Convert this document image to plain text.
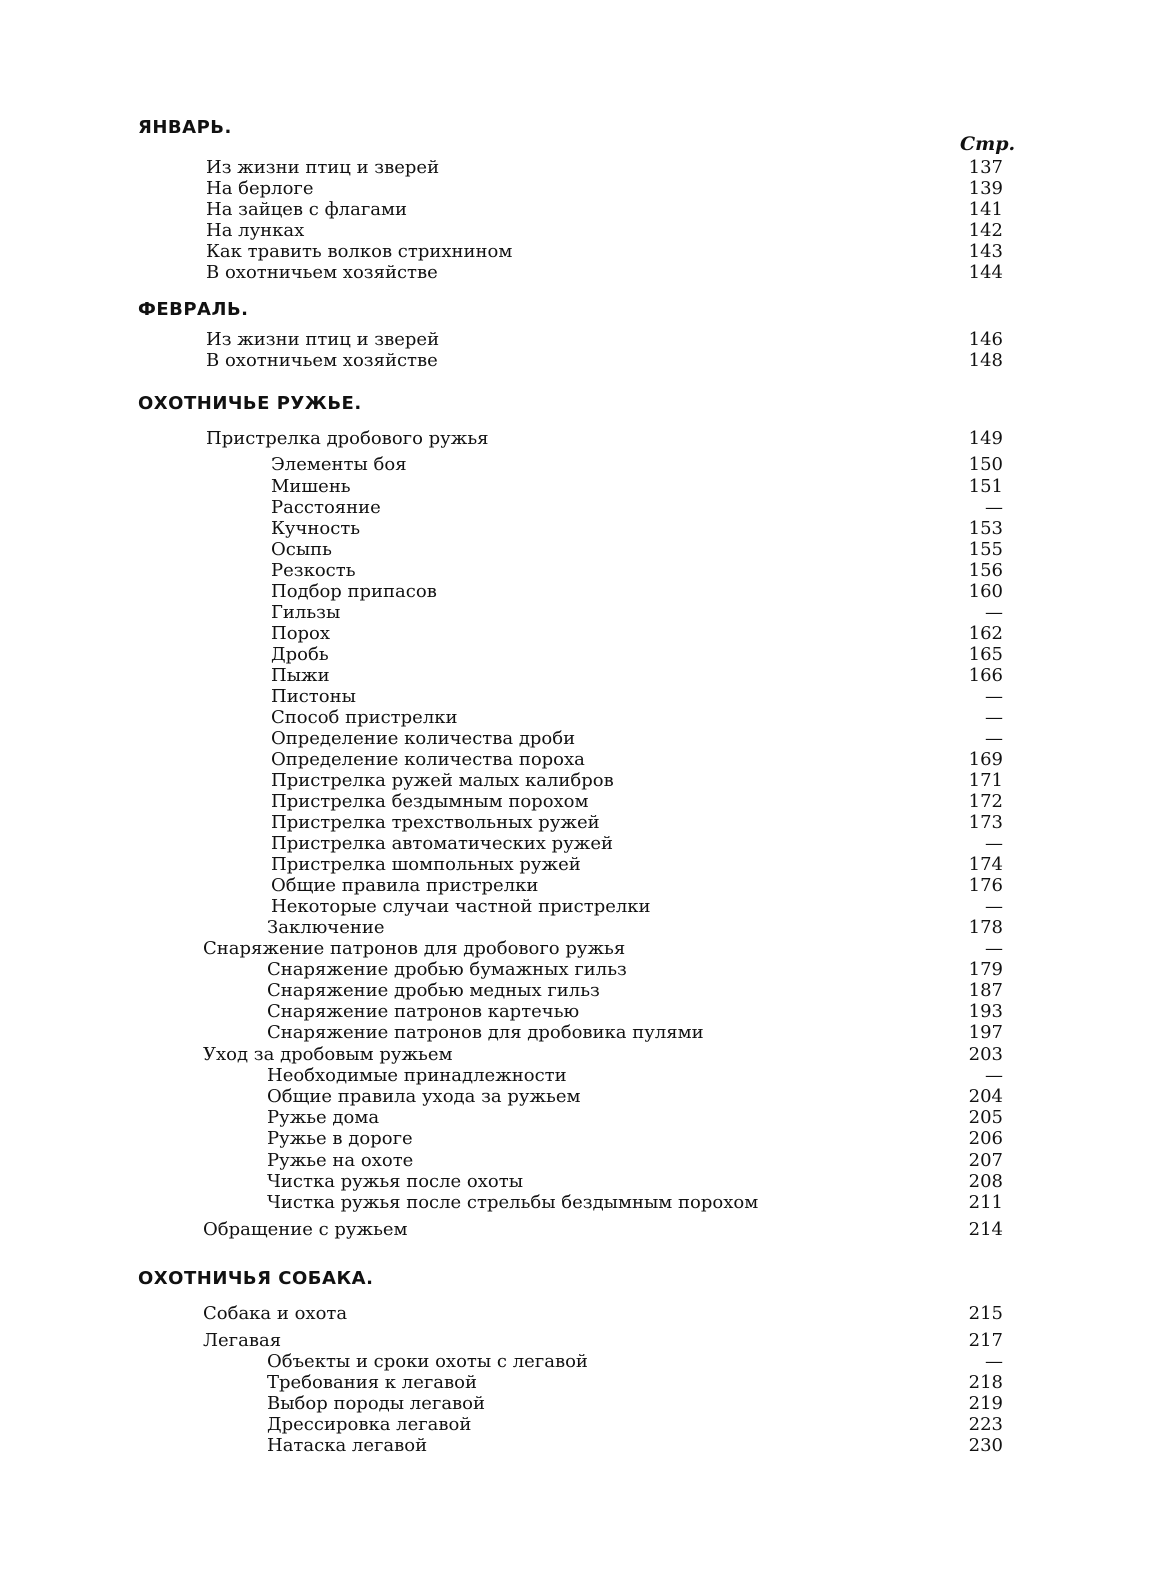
Стр.
ЯНВАРЬ.
Из жизни птиц и зверей	137
На берлоге	139
На зайцев с флагами	141
На лунках	142
Как травить волков стрихнином	143
В охотничьем хозяйстве	144
ФЕВРАЛЬ.
Из жизни птиц и зверей	146
В охотничьем хозяйстве	148
ОХОТНИЧЬЕ РУЖЬЕ.
Пристрелка дробового ружья	149
Элементы боя	150
Мишень	151
Расстояние	—
Кучность	153
Осыпь	155
Резкость	156
Подбор припасов	160
Гильзы	—
Порох	162
Дробь	165
Пыжи	166
Пистоны	—
Способ пристрелки	—
Определение количества дроби	—
Определение количества пороха	169
Пристрелка ружей малых калибров	171
Пристрелка бездымным порохом	172
Пристрелка трехствольных ружей	173
Пристрелка автоматических ружей	—
Пристрелка шомпольных ружей	174
Общие правила пристрелки	176
Некоторые случаи частной пристрелки	—
Заключение	178
Снаряжение патронов для дробового ружья	—
Снаряжение дробью бумажных гильз	179
Снаряжение дробью медных гильз	187
Снаряжение патронов картечью	193
Снаряжение патронов для дробовика пулями	197
Уход за дробовым ружьем	203
Необходимые принадлежности	—
Общие правила ухода за ружьем	204
Ружье дома	205
Ружье в дороге	206
Ружье на охоте	207
Чистка ружья после охоты	208
Чистка ружья после стрельбы бездымным порохом	211
Обращение с ружьем	214
ОХОТНИЧЬЯ СОБАКА.
Собака и охота	215
Легавая	217
Объекты и сроки охоты с легавой	—
Требования к легавой	218
Выбор породы легавой	219
Дрессировка легавой	223
Натаска легавой	230
